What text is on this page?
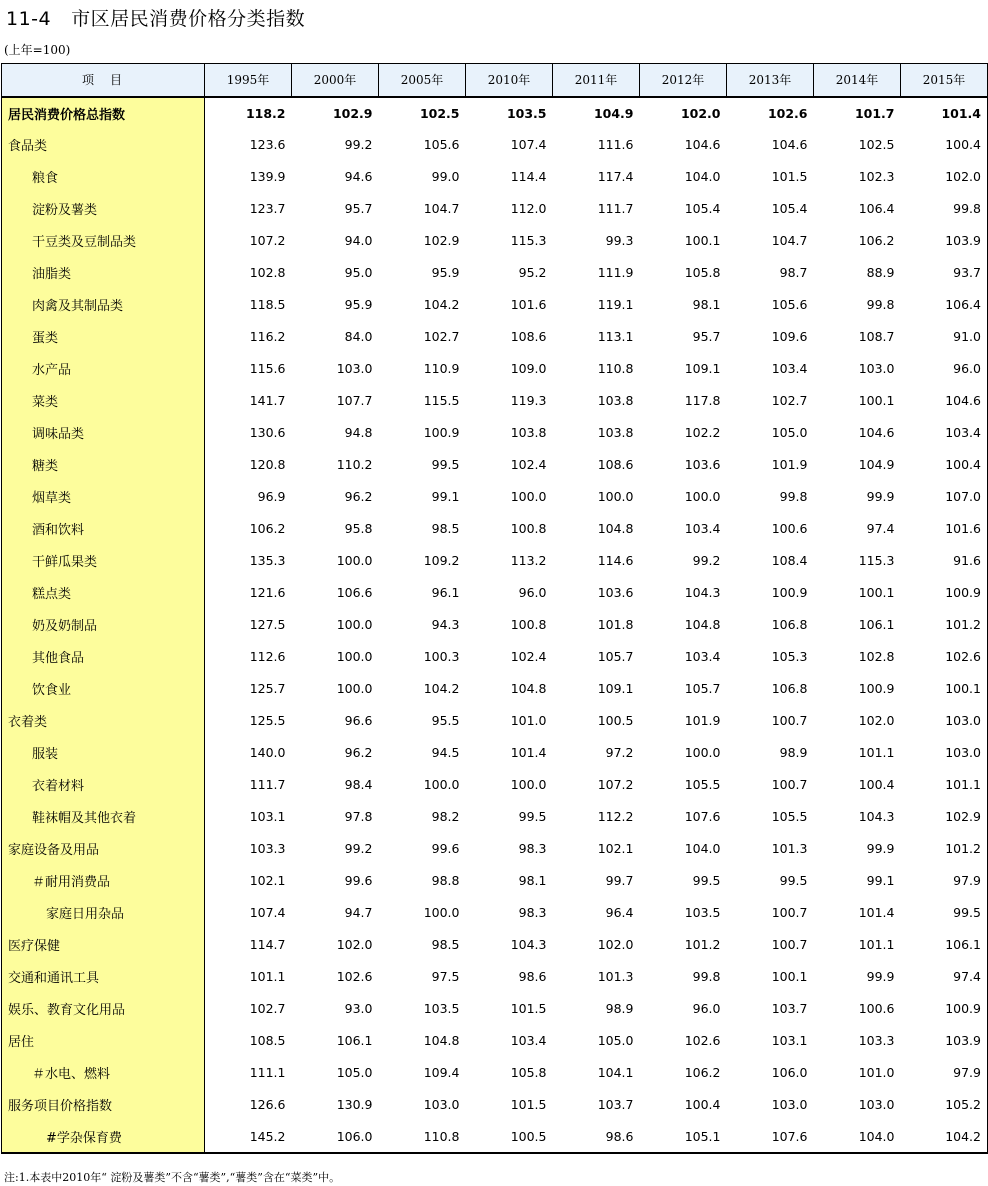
11-4 市区居民消费价格分类指数
(上年=100)
项　目	1995年	2000年	2005年	2010年	2011年	2012年	2013年	2014年	2015年
居民消费价格总指数	118.2	102.9	102.5	103.5	104.9	102.0	102.6	101.7	101.4
食品类	123.6	99.2	105.6	107.4	111.6	104.6	104.6	102.5	100.4
粮食	139.9	94.6	99.0	114.4	117.4	104.0	101.5	102.3	102.0
淀粉及薯类	123.7	95.7	104.7	112.0	111.7	105.4	105.4	106.4	99.8
干豆类及豆制品类	107.2	94.0	102.9	115.3	99.3	100.1	104.7	106.2	103.9
油脂类	102.8	95.0	95.9	95.2	111.9	105.8	98.7	88.9	93.7
肉禽及其制品类	118.5	95.9	104.2	101.6	119.1	98.1	105.6	99.8	106.4
蛋类	116.2	84.0	102.7	108.6	113.1	95.7	109.6	108.7	91.0
水产品	115.6	103.0	110.9	109.0	110.8	109.1	103.4	103.0	96.0
菜类	141.7	107.7	115.5	119.3	103.8	117.8	102.7	100.1	104.6
调味品类	130.6	94.8	100.9	103.8	103.8	102.2	105.0	104.6	103.4
糖类	120.8	110.2	99.5	102.4	108.6	103.6	101.9	104.9	100.4
烟草类	96.9	96.2	99.1	100.0	100.0	100.0	99.8	99.9	107.0
酒和饮料	106.2	95.8	98.5	100.8	104.8	103.4	100.6	97.4	101.6
干鲜瓜果类	135.3	100.0	109.2	113.2	114.6	99.2	108.4	115.3	91.6
糕点类	121.6	106.6	96.1	96.0	103.6	104.3	100.9	100.1	100.9
奶及奶制品	127.5	100.0	94.3	100.8	101.8	104.8	106.8	106.1	101.2
其他食品	112.6	100.0	100.3	102.4	105.7	103.4	105.3	102.8	102.6
饮食业	125.7	100.0	104.2	104.8	109.1	105.7	106.8	100.9	100.1
衣着类	125.5	96.6	95.5	101.0	100.5	101.9	100.7	102.0	103.0
服装	140.0	96.2	94.5	101.4	97.2	100.0	98.9	101.1	103.0
衣着材料	111.7	98.4	100.0	100.0	107.2	105.5	100.7	100.4	101.1
鞋袜帽及其他衣着	103.1	97.8	98.2	99.5	112.2	107.6	105.5	104.3	102.9
家庭设备及用品	103.3	99.2	99.6	98.3	102.1	104.0	101.3	99.9	101.2
＃耐用消费品	102.1	99.6	98.8	98.1	99.7	99.5	99.5	99.1	97.9
家庭日用杂品	107.4	94.7	100.0	98.3	96.4	103.5	100.7	101.4	99.5
医疗保健	114.7	102.0	98.5	104.3	102.0	101.2	100.7	101.1	106.1
交通和通讯工具	101.1	102.6	97.5	98.6	101.3	99.8	100.1	99.9	97.4
娱乐、教育文化用品	102.7	93.0	103.5	101.5	98.9	96.0	103.7	100.6	100.9
居住	108.5	106.1	104.8	103.4	105.0	102.6	103.1	103.3	103.9
＃水电、燃料	111.1	105.0	109.4	105.8	104.1	106.2	106.0	101.0	97.9
服务项目价格指数	126.6	130.9	103.0	101.5	103.7	100.4	103.0	103.0	105.2
#学杂保育费	145.2	106.0	110.8	100.5	98.6	105.1	107.6	104.0	104.2
注:1.本表中2010年“ 淀粉及薯类”不含“薯类”,“薯类”含在“菜类”中。
